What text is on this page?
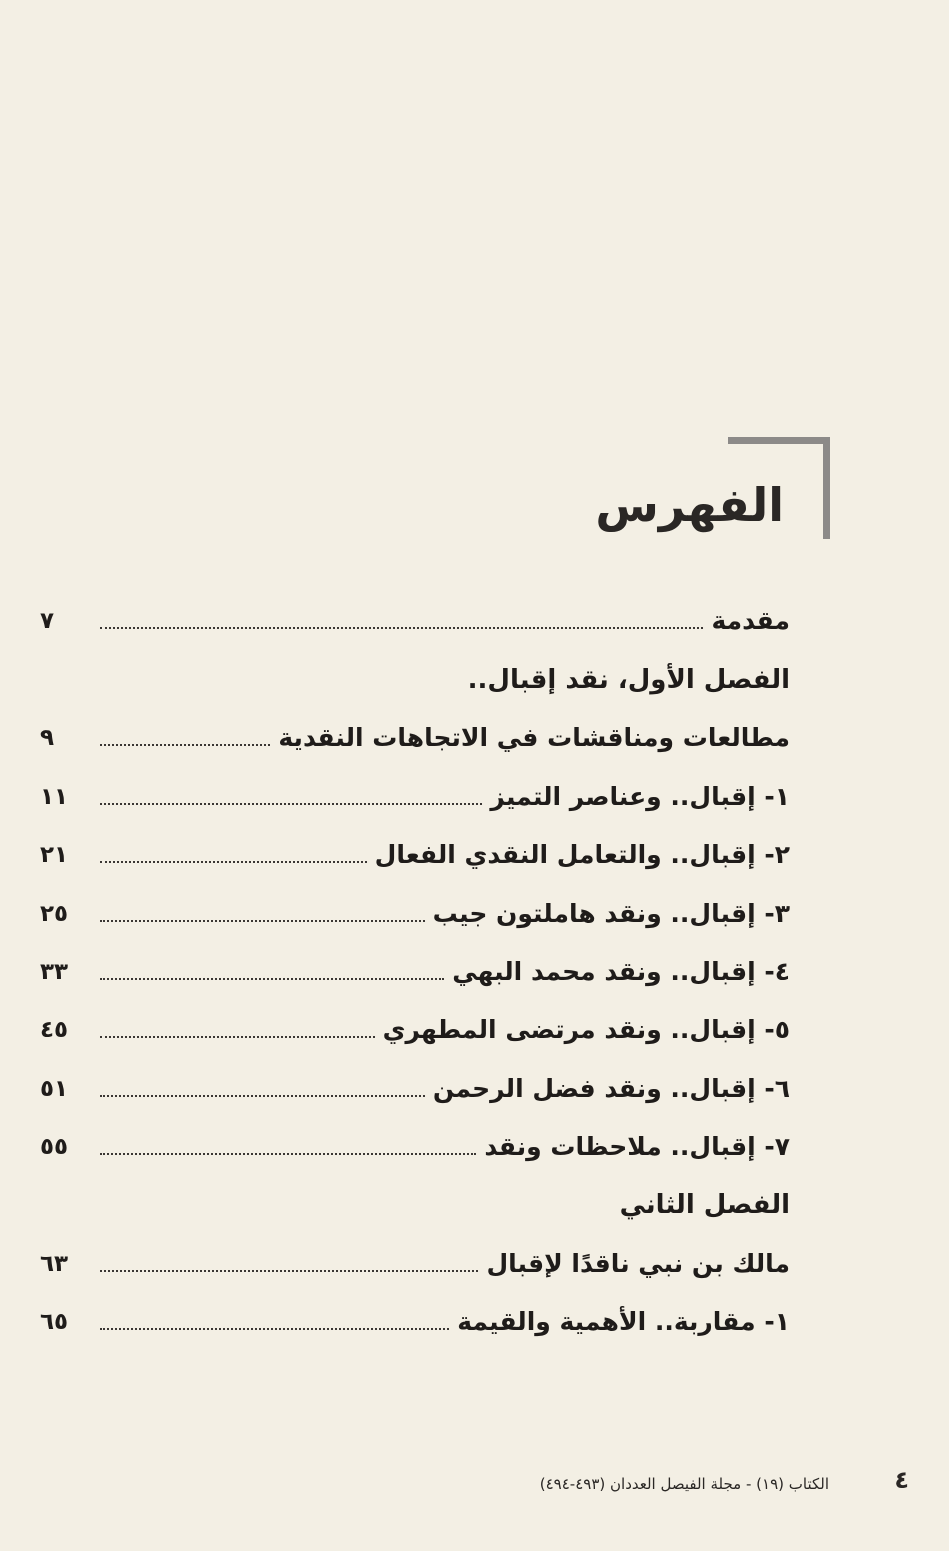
الفهرس
مقدمة
٧
الفصل الأول، نقد إقبال..
مطالعات ومناقشات في الاتجاهات النقدية
٩
١- إقبال.. وعناصر التميز
١١
٢- إقبال.. والتعامل النقدي الفعال
٢١
٣- إقبال.. ونقد هاملتون جيب
٢٥
٤- إقبال.. ونقد محمد البهي
٣٣
٥- إقبال.. ونقد مرتضى المطهري
٤٥
٦- إقبال.. ونقد فضل الرحمن
٥١
٧- إقبال.. ملاحظات ونقد
٥٥
الفصل الثاني
مالك بن نبي ناقدًا لإقبال
٦٣
١- مقاربة.. الأهمية والقيمة
٦٥
الكتاب (١٩) - مجلة الفيصل العددان (٤٩٣-٤٩٤)	٤
